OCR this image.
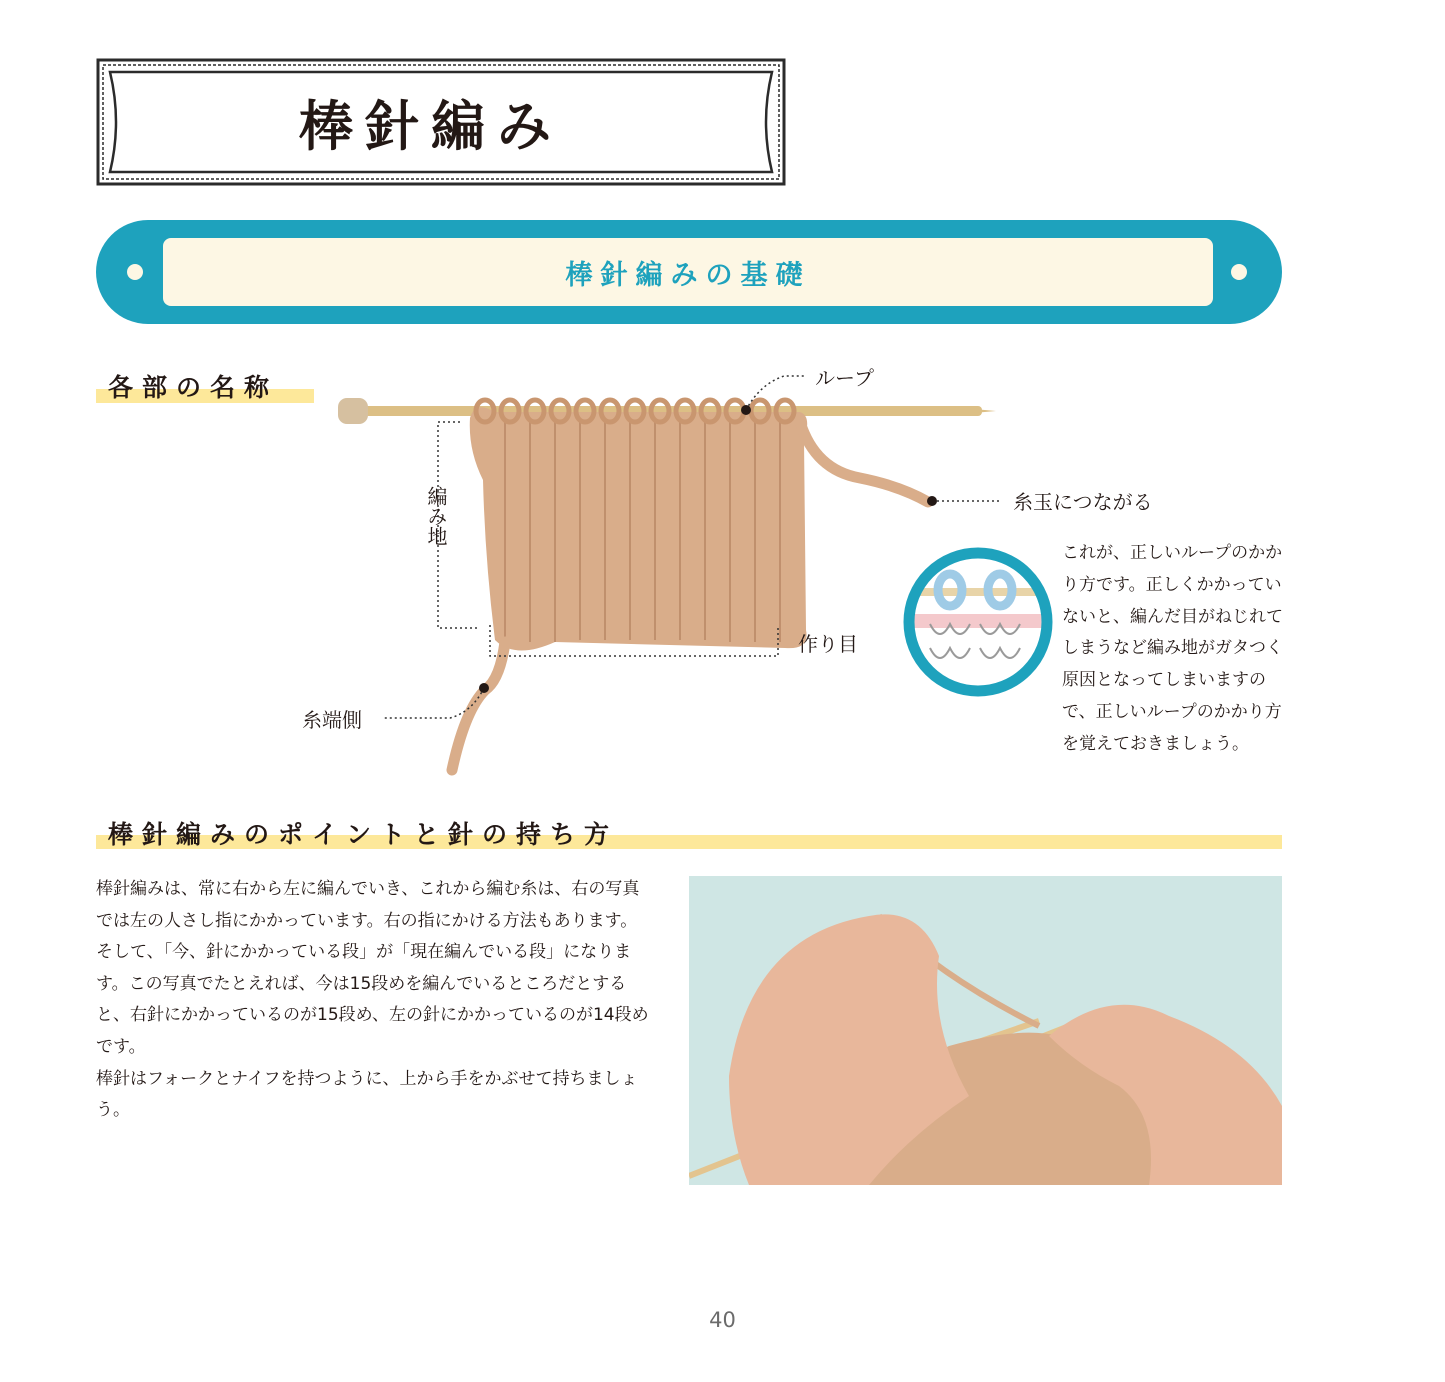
棒針編み
棒針編みの基礎
各部の名称	ループ
糸玉につながる
作り目
糸端側
編み地
これが、正しいループのかかり方です。正しくかかっていないと、編んだ目がねじれてしまうなど編み地がガタつく原因となってしまいますので、正しいループのかかり方を覚えておきましょう。
棒針編みのポイントと針の持ち方

棒針編みは、常に右から左に編んでいき、これから編む糸は、右の写真では左の人さし指にかかっています。右の指にかける方法もあります。

そして、「今、針にかかっている段」が「現在編んでいる段」になります。この写真でたとえれば、今は15段めを編んでいるところだとすると、右針にかかっているのが15段め、左の針にかかっているのが14段めです。

棒針はフォークとナイフを持つように、上から手をかぶせて持ちましょう。

40
